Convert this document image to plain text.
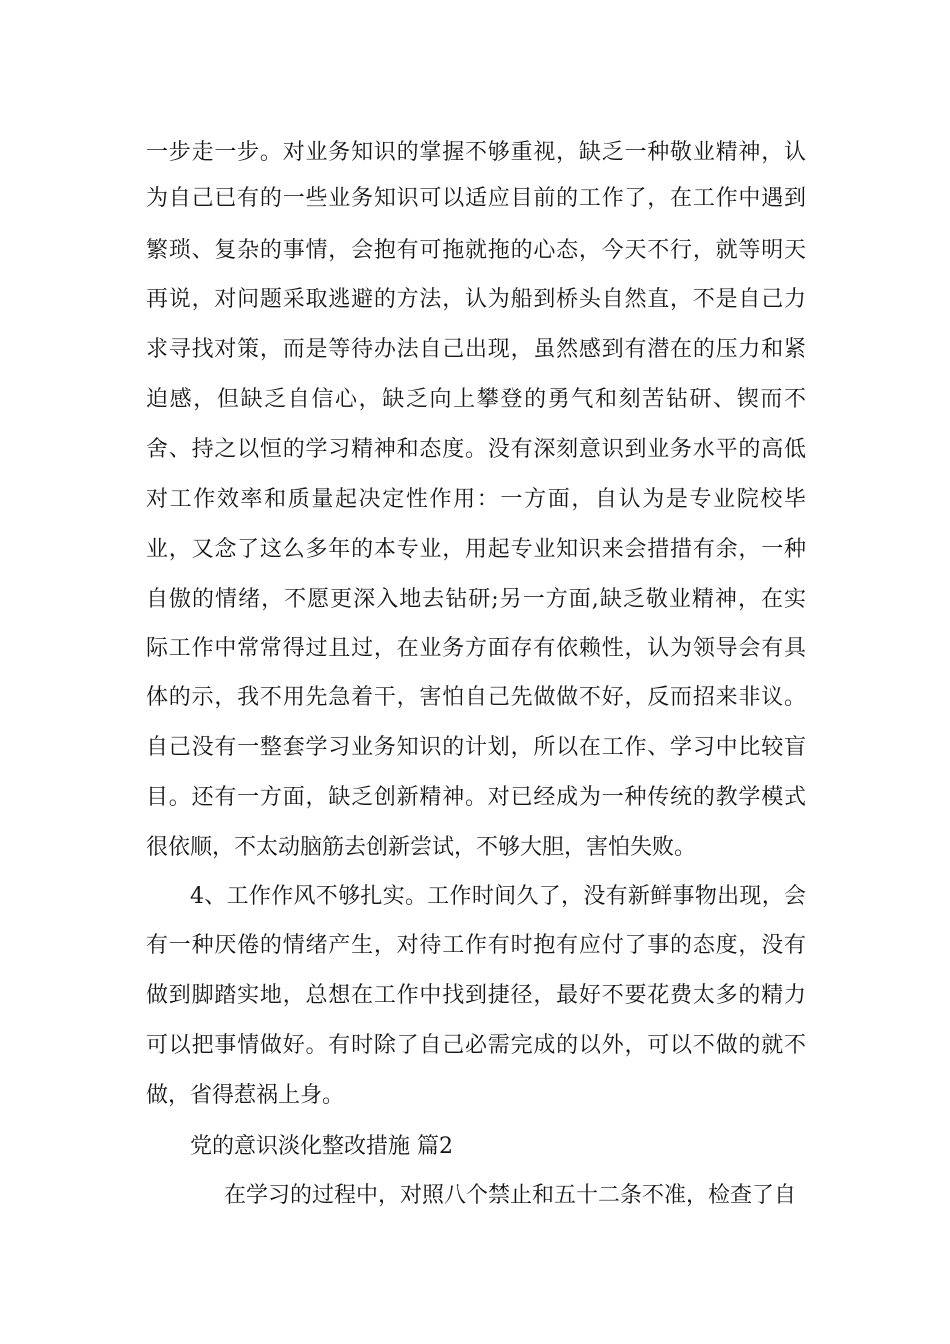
一步走一步。对业务知识的掌握不够重视，缺乏一种敬业精神，认
为自己已有的一些业务知识可以适应目前的工作了，在工作中遇到
繁琐、复杂的事情，会抱有可拖就拖的心态，今天不行，就等明天
再说，对问题采取逃避的方法，认为船到桥头自然直，不是自己力
求寻找对策，而是等待办法自己出现，虽然感到有潜在的压力和紧
迫感，但缺乏自信心，缺乏向上攀登的勇气和刻苦钻研、锲而不
舍、持之以恒的学习精神和态度。没有深刻意识到业务水平的高低
对工作效率和质量起决定性作用：一方面，自认为是专业院校毕
业，又念了这么多年的本专业，用起专业知识来会措措有余，一种
自傲的情绪，不愿更深入地去钻研;另一方面,缺乏敬业精神，在实
际工作中常常得过且过，在业务方面存有依赖性，认为领导会有具
体的示，我不用先急着干，害怕自己先做做不好，反而招来非议。
自己没有一整套学习业务知识的计划，所以在工作、学习中比较盲
目。还有一方面，缺乏创新精神。对已经成为一种传统的教学模式
很依顺，不太动脑筋去创新尝试，不够大胆，害怕失败。
4、工作作风不够扎实。工作时间久了，没有新鲜事物出现，会
有一种厌倦的情绪产生，对待工作有时抱有应付了事的态度，没有
做到脚踏实地，总想在工作中找到捷径，最好不要花费太多的精力
可以把事情做好。有时除了自己必需完成的以外，可以不做的就不
做，省得惹祸上身。
党的意识淡化整改措施 篇2
在学习的过程中，对照八个禁止和五十二条不准，检查了自
